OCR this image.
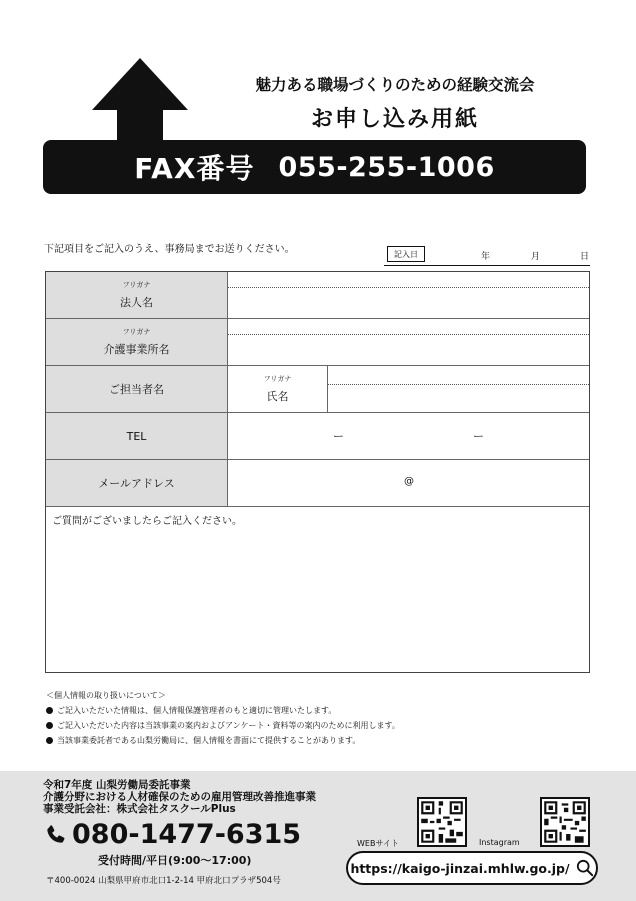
魅力ある職場づくりのための経験交流会
お申し込み用紙
FAX番号 055-255-1006
下記項目をご記入のうえ、事務局までお送りください。	記入日	年	月	日
フリガナ
法人名
フリガナ
介護事業所名
ご担当者名
フリガナ
氏名
TEL	ー	ー
メールアドレス	@
ご質問がございましたらご記入ください。
＜個人情報の取り扱いについて＞
ご記入いただいた情報は、個人情報保護管理者のもと適切に管理いたします。
ご記入いただいた内容は当該事業の案内およびアンケート・資料等の案内のために利用します。
当該事業委託者である山梨労働局に、個人情報を書面にて提供することがあります。
令和7年度 山梨労働局委託事業
介護分野における人材確保のための雇用管理改善推進事業
事業受託会社：株式会社タスクールPlus
080-1477-6315
受付時間/平日(9:00〜17:00)
〒400-0024 山梨県甲府市北口1-2-14 甲府北口プラザ504号
WEBサイト	Instagram
https://kaigo-jinzai.mhlw.go.jp/
